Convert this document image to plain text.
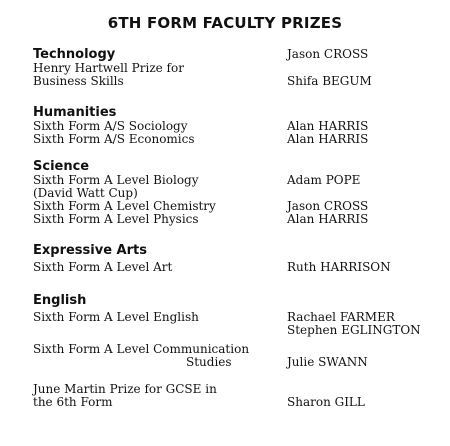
6TH FORM FACULTY PRIZES
Technology	Jason CROSS
Henry Hartwell Prize for
Business Skills	Shifa BEGUM
Humanities
Sixth Form A/S Sociology	Alan HARRIS
Sixth Form A/S Economics	Alan HARRIS
Science
Sixth Form A Level Biology	Adam POPE
(David Watt Cup)
Sixth Form A Level Chemistry	Jason CROSS
Sixth Form A Level Physics	Alan HARRIS
Expressive Arts
Sixth Form A Level Art	Ruth HARRISON
English
Sixth Form A Level English	Rachael FARMER
Stephen EGLINGTON
Sixth Form A Level Communication
Studies	Julie SWANN
June Martin Prize for GCSE in
the 6th Form	Sharon GILL
